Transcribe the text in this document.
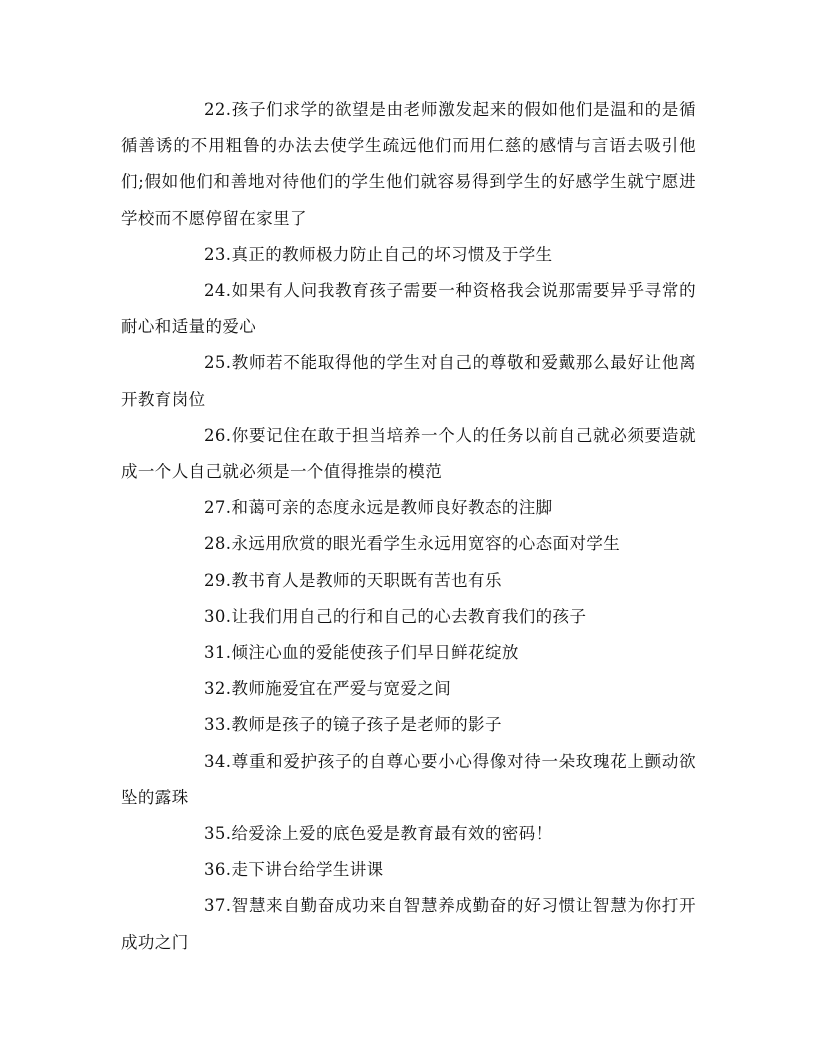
22.孩子们求学的欲望是由老师激发起来的假如他们是温和的是循循善诱的不用粗鲁的办法去使学生疏远他们而用仁慈的感情与言语去吸引他们;假如他们和善地对待他们的学生他们就容易得到学生的好感学生就宁愿进学校而不愿停留在家里了

23.真正的教师极力防止自己的坏习惯及于学生

24.如果有人问我教育孩子需要一种资格我会说那需要异乎寻常的耐心和适量的爱心

25.教师若不能取得他的学生对自己的尊敬和爱戴那么最好让他离开教育岗位

26.你要记住在敢于担当培养一个人的任务以前自己就必须要造就成一个人自己就必须是一个值得推崇的模范

27.和蔼可亲的态度永远是教师良好教态的注脚

28.永远用欣赏的眼光看学生永远用宽容的心态面对学生

29.教书育人是教师的天职既有苦也有乐

30.让我们用自己的行和自己的心去教育我们的孩子

31.倾注心血的爱能使孩子们早日鲜花绽放

32.教师施爱宜在严爱与宽爱之间

33.教师是孩子的镜子孩子是老师的影子

34.尊重和爱护孩子的自尊心要小心得像对待一朵玫瑰花上颤动欲坠的露珠

35.给爱涂上爱的底色爱是教育最有效的密码！

36.走下讲台给学生讲课

37.智慧来自勤奋成功来自智慧养成勤奋的好习惯让智慧为你打开成功之门
